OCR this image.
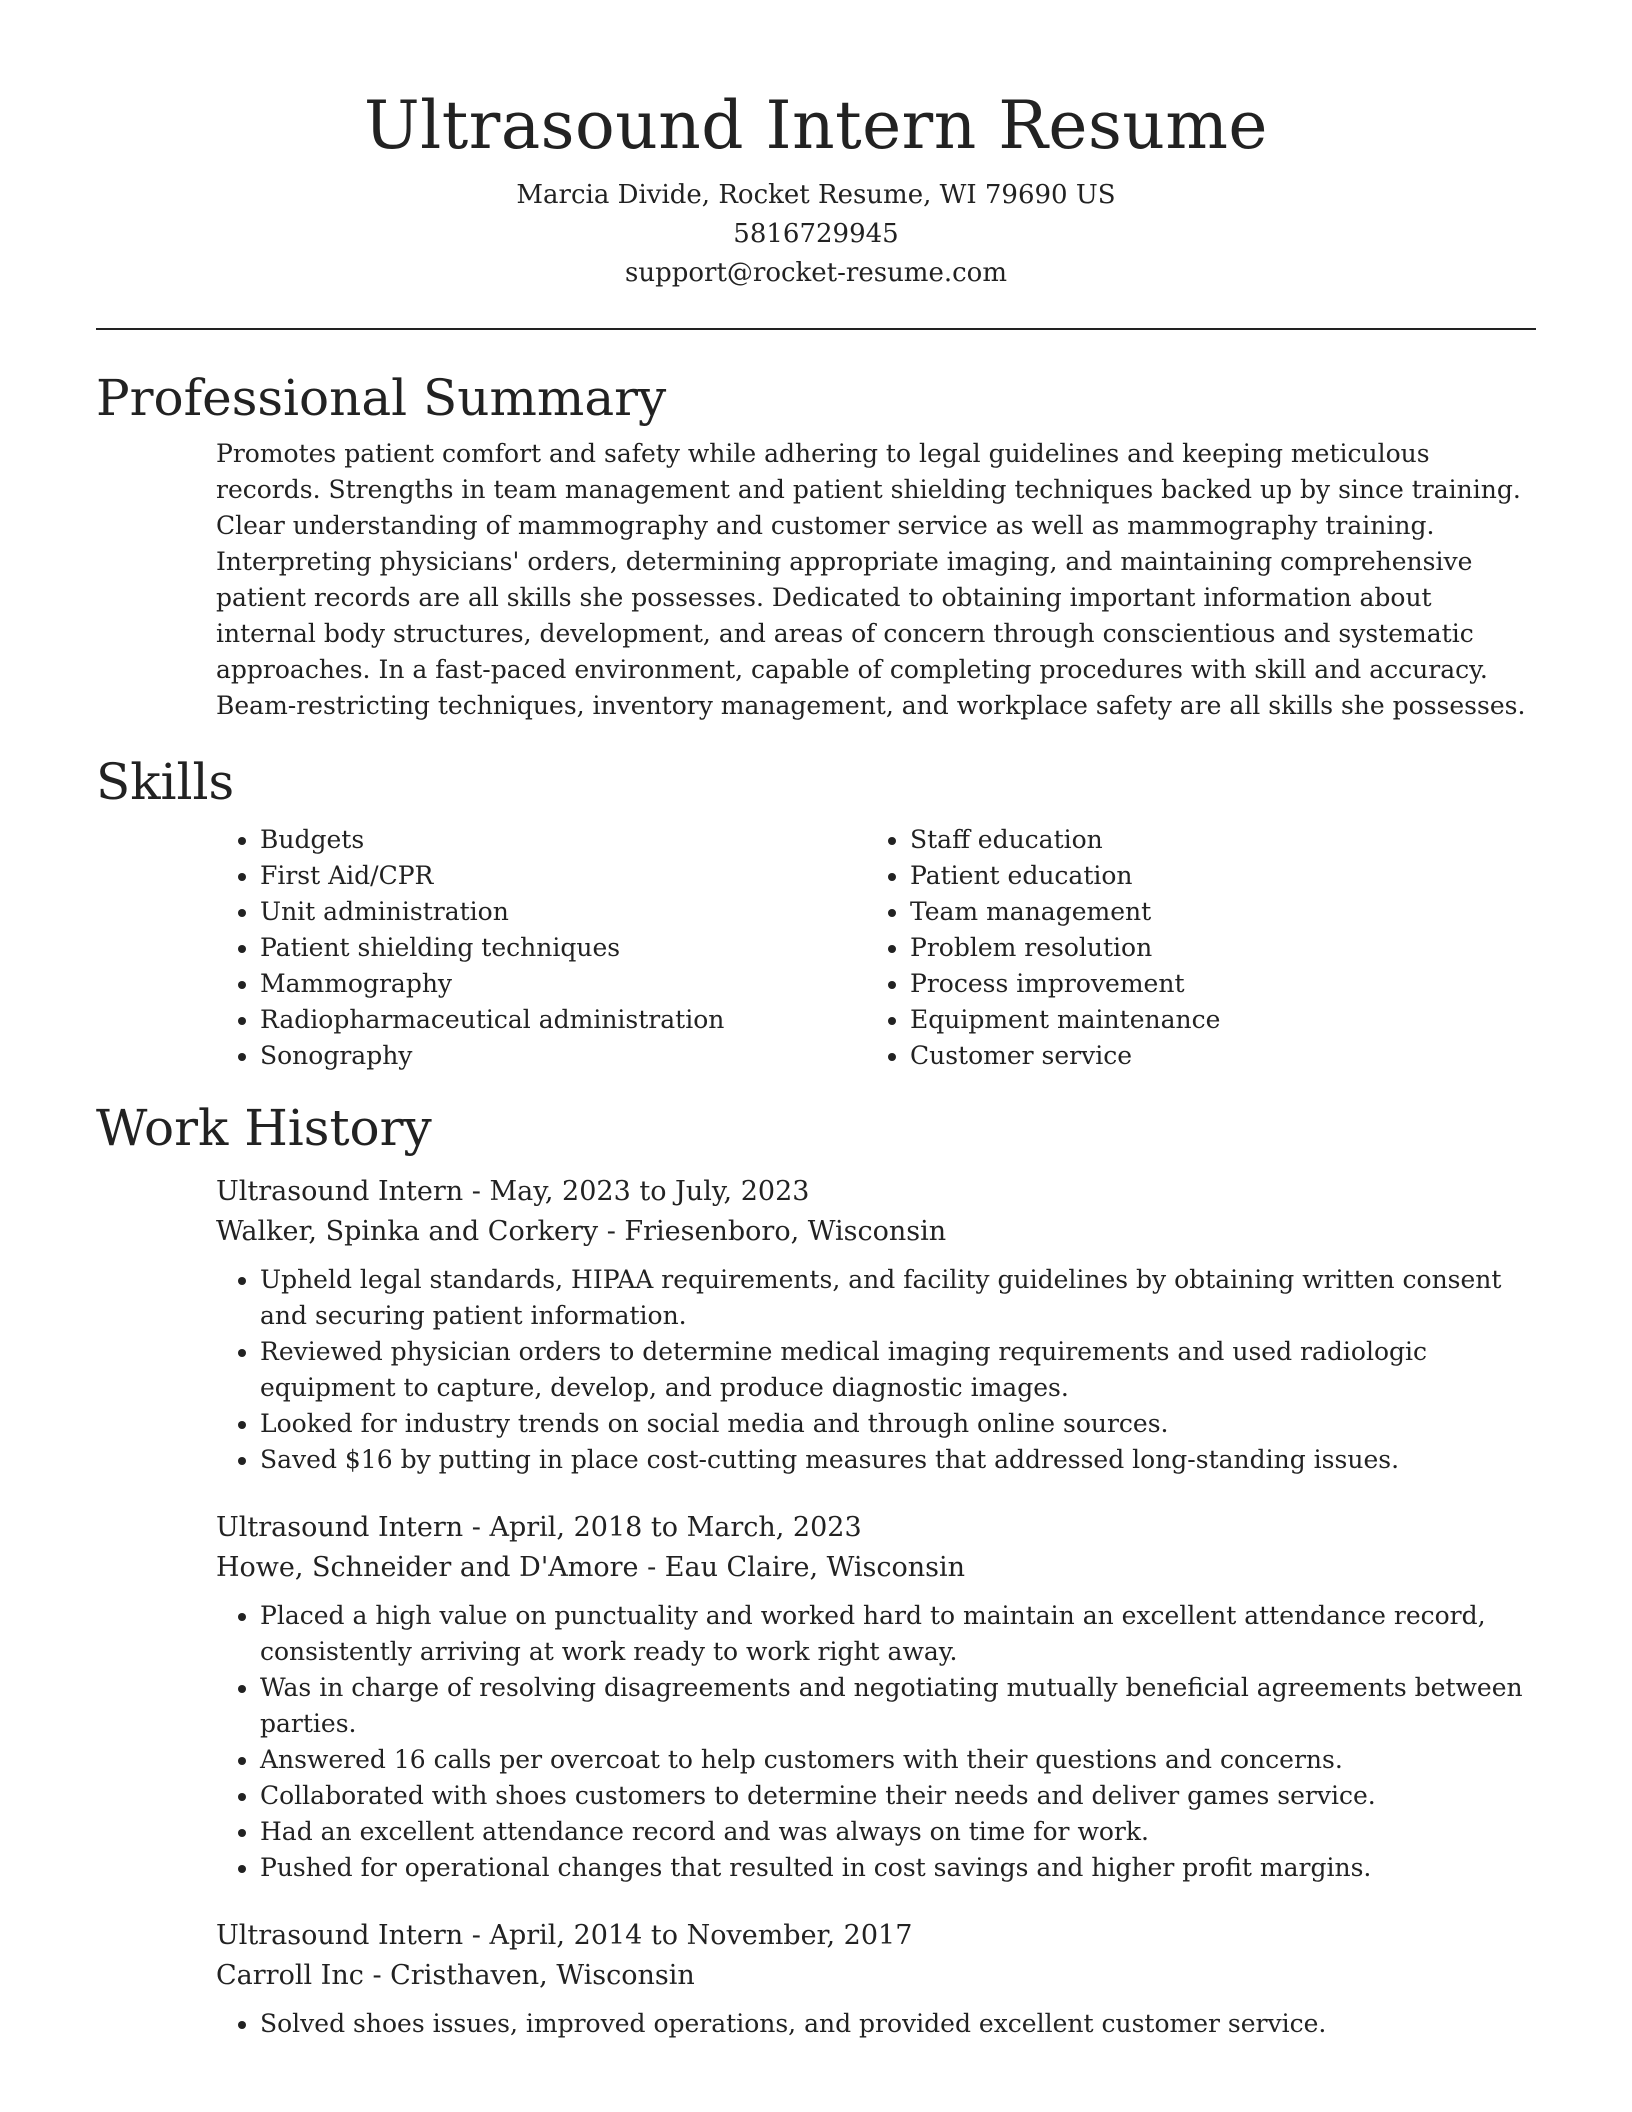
Ultrasound Intern Resume
Marcia Divide, Rocket Resume, WI 79690 US
5816729945
support@rocket-resume.com
Professional Summary
Promotes patient comfort and safety while adhering to legal guidelines and keeping meticulous records. Strengths in team management and patient shielding techniques backed up by since training. Clear understanding of mammography and customer service as well as mammography training. Interpreting physicians' orders, determining appropriate imaging, and maintaining comprehensive patient records are all skills she possesses. Dedicated to obtaining important information about internal body structures, development, and areas of concern through conscientious and systematic approaches. In a fast-paced environment, capable of completing procedures with skill and accuracy. Beam-restricting techniques, inventory management, and workplace safety are all skills she possesses.
Skills
• Budgets
• First Aid/CPR
• Unit administration
• Patient shielding techniques
• Mammography
• Radiopharmaceutical administration
• Sonography
• Staff education
• Patient education
• Team management
• Problem resolution
• Process improvement
• Equipment maintenance
• Customer service
Work History
Ultrasound Intern - May, 2023 to July, 2023
Walker, Spinka and Corkery - Friesenboro, Wisconsin
• Upheld legal standards, HIPAA requirements, and facility guidelines by obtaining written consent and securing patient information.
• Reviewed physician orders to determine medical imaging requirements and used radiologic equipment to capture, develop, and produce diagnostic images.
• Looked for industry trends on social media and through online sources.
• Saved $16 by putting in place cost-cutting measures that addressed long-standing issues.
Ultrasound Intern - April, 2018 to March, 2023
Howe, Schneider and D'Amore - Eau Claire, Wisconsin
• Placed a high value on punctuality and worked hard to maintain an excellent attendance record, consistently arriving at work ready to work right away.
• Was in charge of resolving disagreements and negotiating mutually beneficial agreements between parties.
• Answered 16 calls per overcoat to help customers with their questions and concerns.
• Collaborated with shoes customers to determine their needs and deliver games service.
• Had an excellent attendance record and was always on time for work.
• Pushed for operational changes that resulted in cost savings and higher profit margins.
Ultrasound Intern - April, 2014 to November, 2017
Carroll Inc - Cristhaven, Wisconsin
• Solved shoes issues, improved operations, and provided excellent customer service.
